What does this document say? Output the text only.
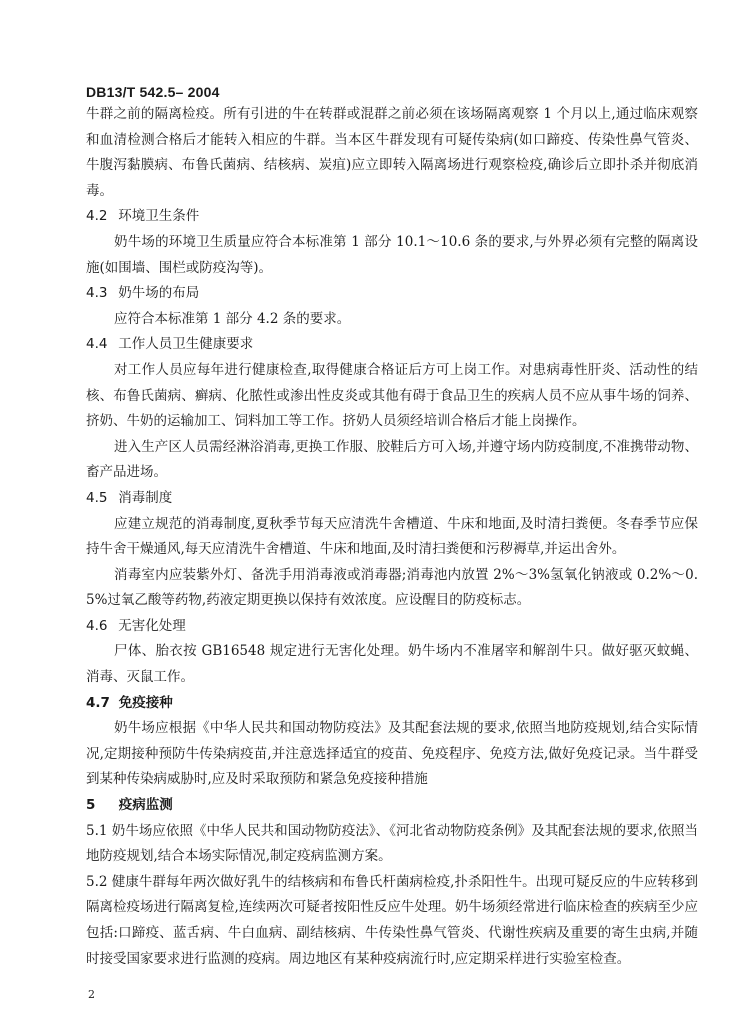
DB13/T 542.5– 2004

牛群之前的隔离检疫。所有引进的牛在转群或混群之前必须在该场隔离观察 1 个月以上,通过临床观察和血清检测合格后才能转入相应的牛群。当本区牛群发现有可疑传染病(如口蹄疫、传染性鼻气管炎、牛腹泻黏膜病、布鲁氏菌病、结核病、炭疽)应立即转入隔离场进行观察检疫,确诊后立即扑杀并彻底消毒。

4.2 环境卫生条件

奶牛场的环境卫生质量应符合本标准第 1 部分 10.1～10.6 条的要求,与外界必须有完整的隔离设施(如围墙、围栏或防疫沟等)。

4.3 奶牛场的布局

应符合本标准第 1 部分 4.2 条的要求。

4.4 工作人员卫生健康要求

对工作人员应每年进行健康检查,取得健康合格证后方可上岗工作。对患病毒性肝炎、活动性的结核、布鲁氏菌病、癣病、化脓性或渗出性皮炎或其他有碍于食品卫生的疾病人员不应从事牛场的饲养、挤奶、牛奶的运输加工、饲料加工等工作。挤奶人员须经培训合格后才能上岗操作。

进入生产区人员需经淋浴消毒,更换工作服、胶鞋后方可入场,并遵守场内防疫制度,不准携带动物、畜产品进场。

4.5 消毒制度

应建立规范的消毒制度,夏秋季节每天应清洗牛舍槽道、牛床和地面,及时清扫粪便。冬春季节应保持牛舍干燥通风,每天应清洗牛舍槽道、牛床和地面,及时清扫粪便和污秽褥草,并运出舍外。

消毒室内应装紫外灯、备洗手用消毒液或消毒器;消毒池内放置 2%～3%氢氧化钠液或 0.2%～0.5%过氧乙酸等药物,药液定期更换以保持有效浓度。应设醒目的防疫标志。

4.6 无害化处理

尸体、胎衣按 GB16548 规定进行无害化处理。奶牛场内不准屠宰和解剖牛只。做好驱灭蚊蝇、消毒、灭鼠工作。

4.7 免疫接种

奶牛场应根据《中华人民共和国动物防疫法》及其配套法规的要求,依照当地防疫规划,结合实际情况,定期接种预防牛传染病疫苗,并注意选择适宜的疫苗、免疫程序、免疫方法,做好免疫记录。当牛群受到某种传染病威胁时,应及时采取预防和紧急免疫接种措施

5 疫病监测

5.1 奶牛场应依照《中华人民共和国动物防疫法》、《河北省动物防疫条例》及其配套法规的要求,依照当地防疫规划,结合本场实际情况,制定疫病监测方案。

5.2 健康牛群每年两次做好乳牛的结核病和布鲁氏杆菌病检疫,扑杀阳性牛。出现可疑反应的牛应转移到隔离检疫场进行隔离复检,连续两次可疑者按阳性反应牛处理。奶牛场须经常进行临床检查的疾病至少应包括:口蹄疫、蓝舌病、牛白血病、副结核病、牛传染性鼻气管炎、代谢性疾病及重要的寄生虫病,并随时接受国家要求进行监测的疫病。周边地区有某种疫病流行时,应定期采样进行实验室检查。

2
